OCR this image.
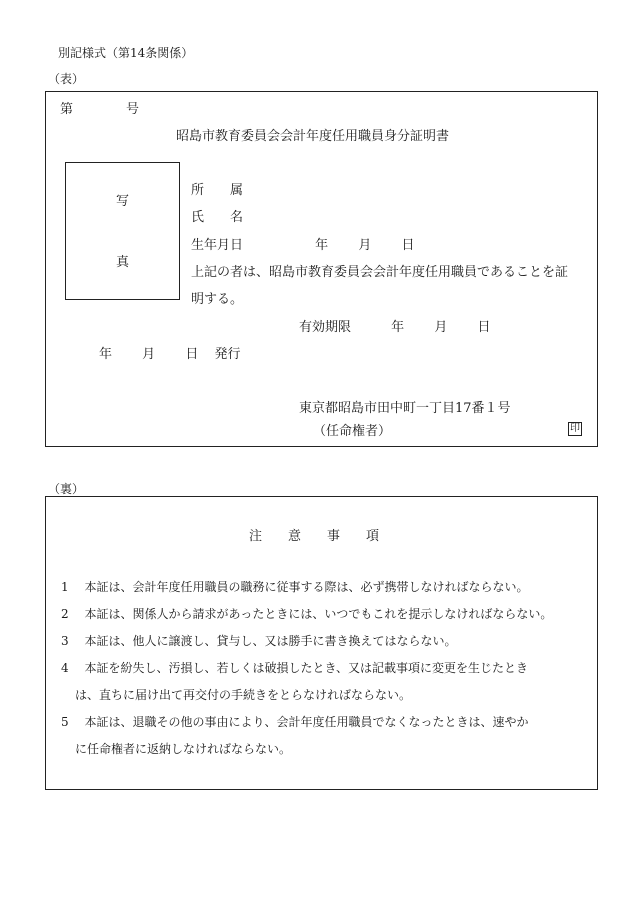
別記様式（第14条関係）
（表）
第	号
昭島市教育委員会会計年度任用職員身分証明書
写
真
所　　属
氏　　名
生年月日	年 月 日
上記の者は、昭島市教育委員会会計年度任用職員であることを証
明する。
有効期限	年 月 日
年 月 日 発行
東京都昭島市田中町一丁目17番１号
（任命権者）	印
（裏）
注　　意　　事　　項
1 本証は、会計年度任用職員の職務に従事する際は、必ず携帯しなければならない。
2 本証は、関係人から請求があったときには、いつでもこれを提示しなければならない。
3 本証は、他人に譲渡し、貸与し、又は勝手に書き換えてはならない。
4 本証を紛失し、汚損し、若しくは破損したとき、又は記載事項に変更を生じたとき
は、直ちに届け出て再交付の手続きをとらなければならない。
5 本証は、退職その他の事由により、会計年度任用職員でなくなったときは、速やか
に任命権者に返納しなければならない。
